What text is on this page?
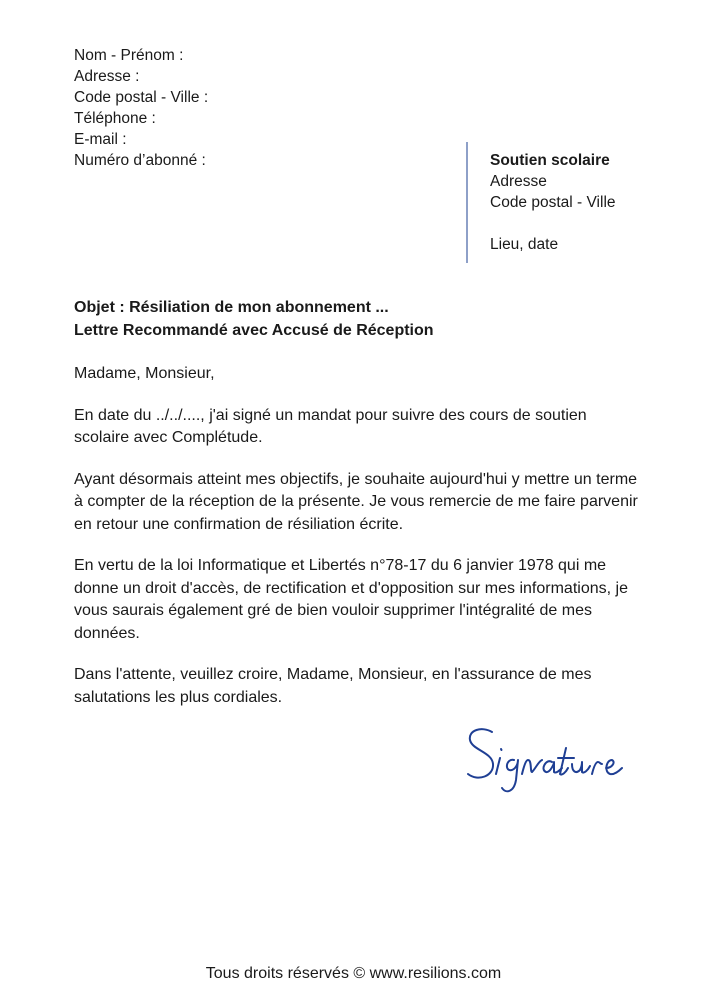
Nom - Prénom :
Adresse :
Code postal - Ville :
Téléphone :
E-mail :
Numéro d’abonné :	Soutien scolaire
Adresse
Code postal - Ville
Lieu, date
Objet : Résiliation de mon abonnement ...
Lettre Recommandé avec Accusé de Réception

Madame, Monsieur,

En date du ../../...., j'ai signé un mandat pour suivre des cours de soutien scolaire avec Complétude.

Ayant désormais atteint mes objectifs, je souhaite aujourd'hui y mettre un terme à compter de la réception de la présente. Je vous remercie de me faire parvenir en retour une confirmation de résiliation écrite.

En vertu de la loi Informatique et Libertés n°78-17 du 6 janvier 1978 qui me donne un droit d'accès, de rectification et d'opposition sur mes informations, je vous saurais également gré de bien vouloir supprimer l'intégralité de mes données.

Dans l'attente, veuillez croire, Madame, Monsieur, en l'assurance de mes salutations les plus cordiales.

Tous droits réservés © www.resilions.com
